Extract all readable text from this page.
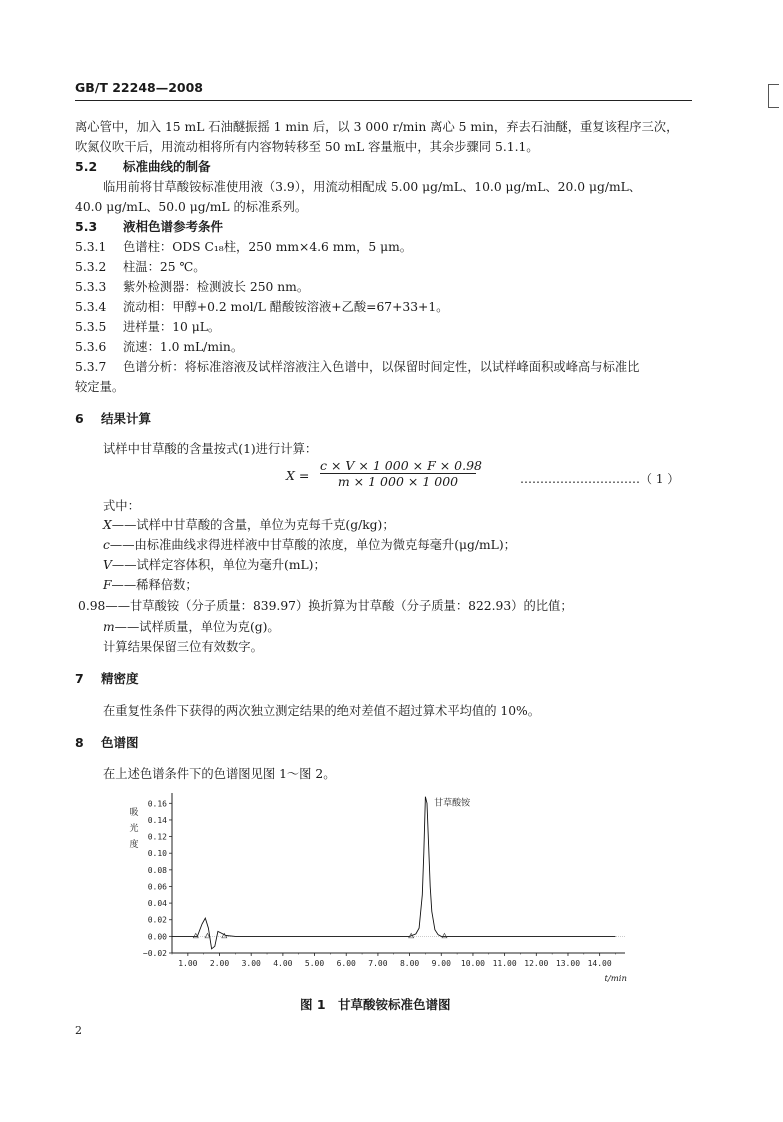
GB/T 22248—2008
离心管中，加入 15 mL 石油醚振摇 1 min 后，以 3 000 r/min 离心 5 min，弃去石油醚，重复该程序三次，
吹氮仪吹干后，用流动相将所有内容物转移至 50 mL 容量瓶中，其余步骤同 5.1.1。
5.2 标准曲线的制备
临用前将甘草酸铵标准使用液（3.9），用流动相配成 5.00 μg/mL、10.0 μg/mL、20.0 μg/mL、
40.0 μg/mL、50.0 μg/mL 的标准系列。
5.3 液相色谱参考条件
5.3.1 色谱柱：ODS C₁₈柱，250 mm×4.6 mm，5 μm。
5.3.2 柱温：25 ℃。
5.3.3 紫外检测器：检测波长 250 nm。
5.3.4 流动相：甲醇+0.2 mol/L 醋酸铵溶液+乙酸=67+33+1。
5.3.5 进样量：10 μL。
5.3.6 流速：1.0 mL/min。
5.3.7 色谱分析：将标准溶液及试样溶液注入色谱中，以保留时间定性，以试样峰面积或峰高与标准比
较定量。
6 结果计算
试样中甘草酸的含量按式(1)进行计算：
$X = \frac{c \times V \times 1 000 \times F \times 0.98}{m \times 1 000 \times 1 000}$	…………………………（ 1 ）
式中：
X——试样中甘草酸的含量，单位为克每千克(g/kg)；
c——由标准曲线求得进样液中甘草酸的浓度，单位为微克每毫升(μg/mL)；
V——试样定容体积，单位为毫升(mL)；
F——稀释倍数；
0.98——甘草酸铵（分子质量：839.97）换折算为甘草酸（分子质量：822.93）的比值；
m——试样质量，单位为克(g)。
计算结果保留三位有效数字。
7 精密度
在重复性条件下获得的两次独立测定结果的绝对差值不超过算术平均值的 10%。
8 色谱图
在上述色谱条件下的色谱图见图 1～图 2。
0.16
0.14
0.12
0.10
0.08
0.06
0.04
0.02
0.00
−0.02
吸
光
度
1.00 2.00 3.00 4.00 5.00 6.00 7.00 8.00 9.00 10.00 11.00 12.00 13.00 14.00
t/min
甘草酸铵
图 1　甘草酸铵标准色谱图
2
